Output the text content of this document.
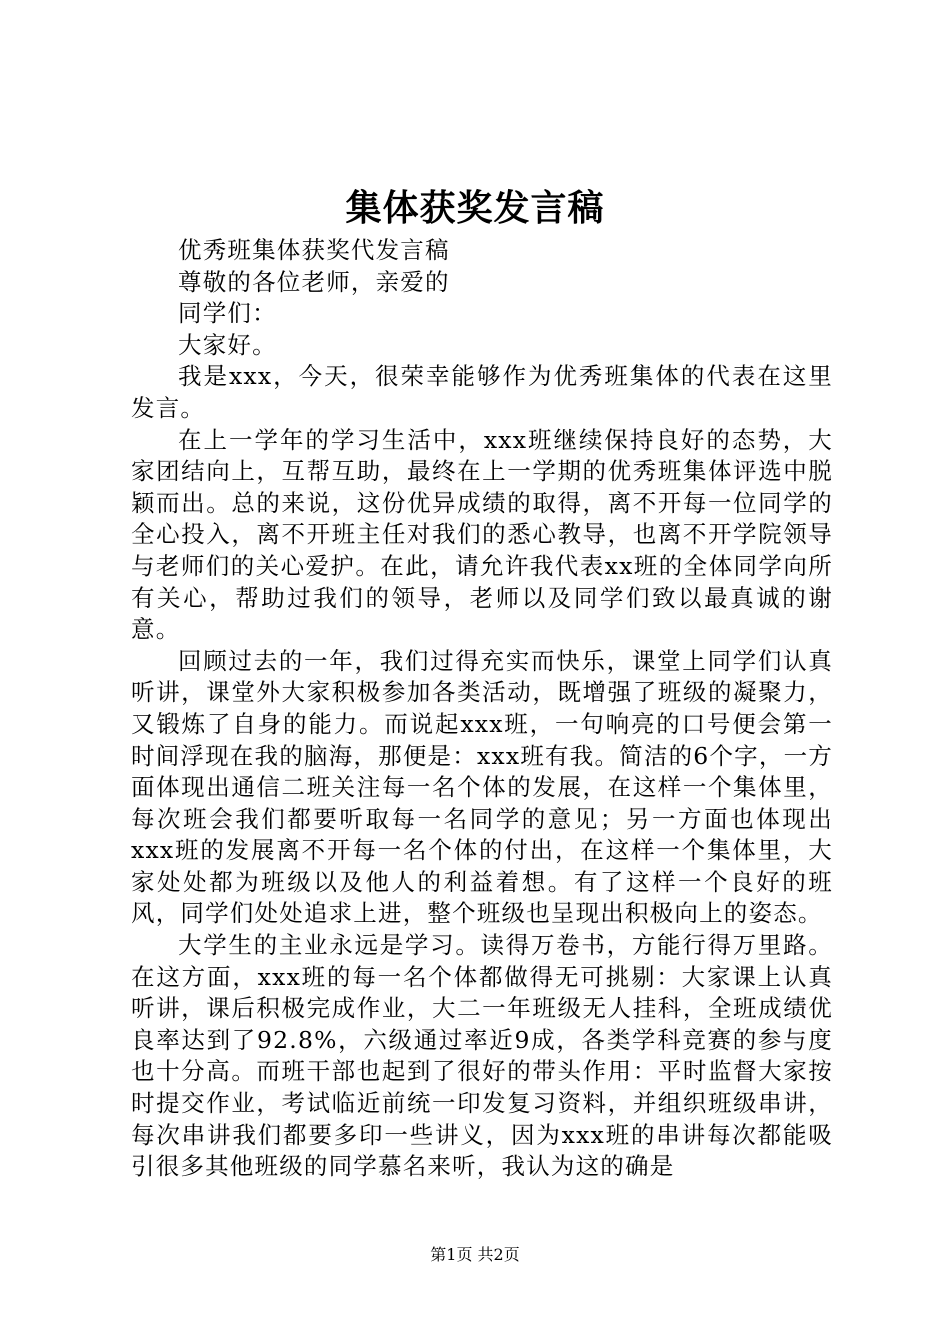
集体获奖发言稿
优秀班集体获奖代发言稿
尊敬的各位老师，亲爱的
同学们：
大家好。

我是xxx，今天，很荣幸能够作为优秀班集体的代表在这里发言。

在上一学年的学习生活中，xxx班继续保持良好的态势，大家团结向上，互帮互助，最终在上一学期的优秀班集体评选中脱颖而出。总的来说，这份优异成绩的取得，离不开每一位同学的全心投入，离不开班主任对我们的悉心教导，也离不开学院领导与老师们的关心爱护。在此，请允许我代表xx班的全体同学向所有关心，帮助过我们的领导，老师以及同学们致以最真诚的谢意。

回顾过去的一年，我们过得充实而快乐，课堂上同学们认真听讲，课堂外大家积极参加各类活动，既增强了班级的凝聚力，又锻炼了自身的能力。而说起xxx班，一句响亮的口号便会第一时间浮现在我的脑海，那便是：xxx班有我。简洁的6个字，一方面体现出通信二班关注每一名个体的发展，在这样一个集体里，每次班会我们都要听取每一名同学的意见；另一方面也体现出xxx班的发展离不开每一名个体的付出，在这样一个集体里，大家处处都为班级以及他人的利益着想。有了这样一个良好的班风，同学们处处追求上进，整个班级也呈现出积极向上的姿态。

大学生的主业永远是学习。读得万卷书，方能行得万里路。在这方面，xxx班的每一名个体都做得无可挑剔：大家课上认真听讲，课后积极完成作业，大二一年班级无人挂科，全班成绩优良率达到了92.8%，六级通过率近9成，各类学科竞赛的参与度也十分高。而班干部也起到了很好的带头作用：平时监督大家按时提交作业，考试临近前统一印发复习资料，并组织班级串讲，每次串讲我们都要多印一些讲义，因为xxx班的串讲每次都能吸引很多其他班级的同学慕名来听，我认为这的确是

第1页 共2页
